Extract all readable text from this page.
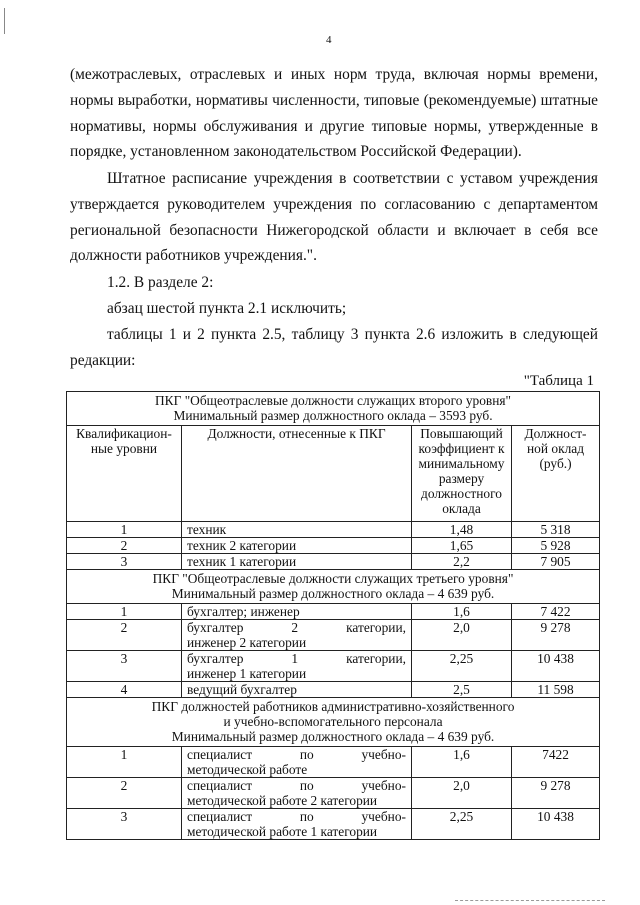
4

(межотраслевых, отраслевых и иных норм труда, включая нормы времени,

нормы выработки, нормативы численности, типовые (рекомендуемые) штатные

нормативы, нормы обслуживания и другие типовые нормы, утвержденные в

порядке, установленном законодательством Российской Федерации).

Штатное расписание учреждения в соответствии с уставом учреждения

утверждается руководителем учреждения по согласованию с департаментом

региональной безопасности Нижегородской области и включает в себя все

должности работников учреждения.".

1.2. В разделе 2:

абзац шестой пункта 2.1 исключить;

таблицы 1 и 2 пункта 2.5, таблицу 3 пункта 2.6 изложить в следующей

редакции:

"Таблица 1
ПКГ "Общеотраслевые должности служащих второго уровня"
Минимальный размер должностного оклада – 3593 руб.			

Квалификацион-ные уровни	Должности, отнесенные к ПКГ	Повышающий коэффициент к минимальному размеру должностного оклада	Должност-ной оклад (руб.)
1	техник	1,48	5 318
2	техник 2 категории	1,65	5 928
3	техник 1 категории	2,2	7 905

ПКГ "Общеотраслевые должности служащих третьего уровня"
Минимальный размер должностного оклада – 4 639 руб.			

1	бухгалтер; инженер	1,6	7 422
2	бухгалтер 2 категории,
инженер 2 категории	2,0	9 278
3	бухгалтер 1 категории,
инженер 1 категории	2,25	10 438
4	ведущий бухгалтер	2,5	11 598

ПКГ должностей работников административно-хозяйственного
и учебно-вспомогательного персонала
Минимальный размер должностного оклада – 4 639 руб.			

1	специалист по учебно-
методической работе	1,6	7422
2	специалист по учебно-
методической работе 2 категории	2,0	9 278
3	специалист по учебно-
методической работе 1 категории	2,25	10 438
